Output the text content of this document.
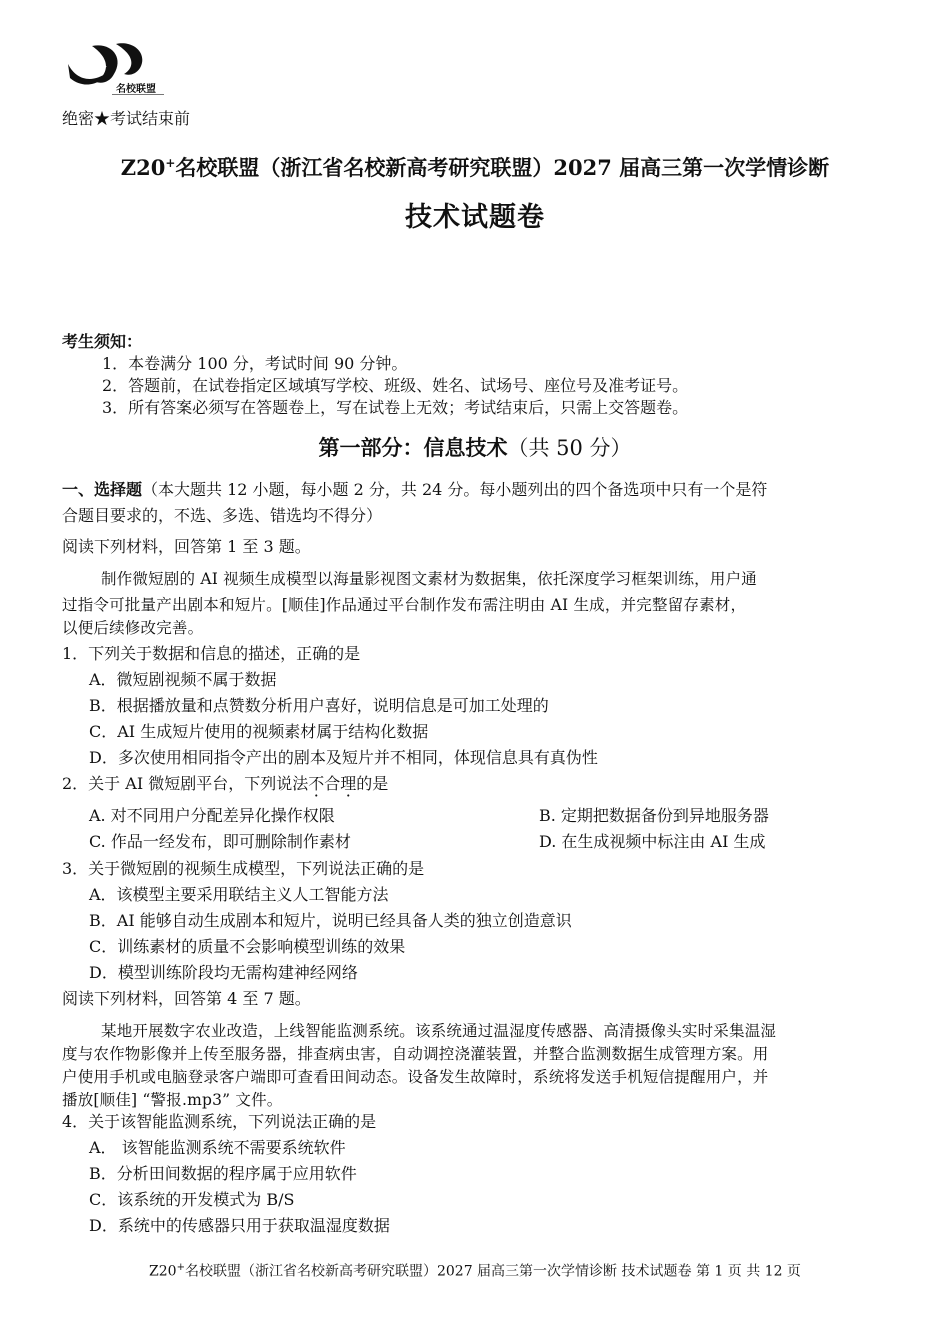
名校联盟
绝密★考试结束前
Z20+名校联盟（浙江省名校新高考研究联盟）2027 届高三第一次学情诊断
技术试题卷
考生须知：
1．本卷满分 100 分，考试时间 90 分钟。
2．答题前，在试卷指定区域填写学校、班级、姓名、试场号、座位号及准考证号。
3．所有答案必须写在答题卷上，写在试卷上无效；考试结束后，只需上交答题卷。
第一部分：信息技术（共 50 分）
一、选择题（本大题共 12 小题，每小题 2 分，共 24 分。每小题列出的四个备选项中只有一个是符
合题目要求的，不选、多选、错选均不得分）
阅读下列材料，回答第 1 至 3 题。
制作微短剧的 AI 视频生成模型以海量影视图文素材为数据集，依托深度学习框架训练，用户通
过指令可批量产出剧本和短片。[顺佳]作品通过平台制作发布需注明由 AI 生成，并完整留存素材，
以便后续修改完善。
1．下列关于数据和信息的描述，正确的是
A．微短剧视频不属于数据
B．根据播放量和点赞数分析用户喜好，说明信息是可加工处理的
C．AI 生成短片使用的视频素材属于结构化数据
D．多次使用相同指令产出的剧本及短片并不相同，体现信息具有真伪性
2．关于 AI 微短剧平台，下列说法不合理的是
A. 对不同用户分配差异化操作权限	B. 定期把数据备份到异地服务器
C. 作品一经发布，即可删除制作素材	D. 在生成视频中标注由 AI 生成
3．关于微短剧的视频生成模型，下列说法正确的是
A．该模型主要采用联结主义人工智能方法
B．AI 能够自动生成剧本和短片，说明已经具备人类的独立创造意识
C．训练素材的质量不会影响模型训练的效果
D．模型训练阶段均无需构建神经网络
阅读下列材料，回答第 4 至 7 题。
某地开展数字农业改造，上线智能监测系统。该系统通过温湿度传感器、高清摄像头实时采集温湿
度与农作物影像并上传至服务器，排查病虫害，自动调控浇灌装置，并整合监测数据生成管理方案。用
户使用手机或电脑登录客户端即可查看田间动态。设备发生故障时，系统将发送手机短信提醒用户，并
播放[顺佳] “警报.mp3” 文件。
4．关于该智能监测系统，下列说法正确的是
A． 该智能监测系统不需要系统软件
B．分析田间数据的程序属于应用软件
C．该系统的开发模式为 B/S
D．系统中的传感器只用于获取温湿度数据
Z20+名校联盟（浙江省名校新高考研究联盟）2027 届高三第一次学情诊断 技术试题卷 第 1 页 共 12 页
